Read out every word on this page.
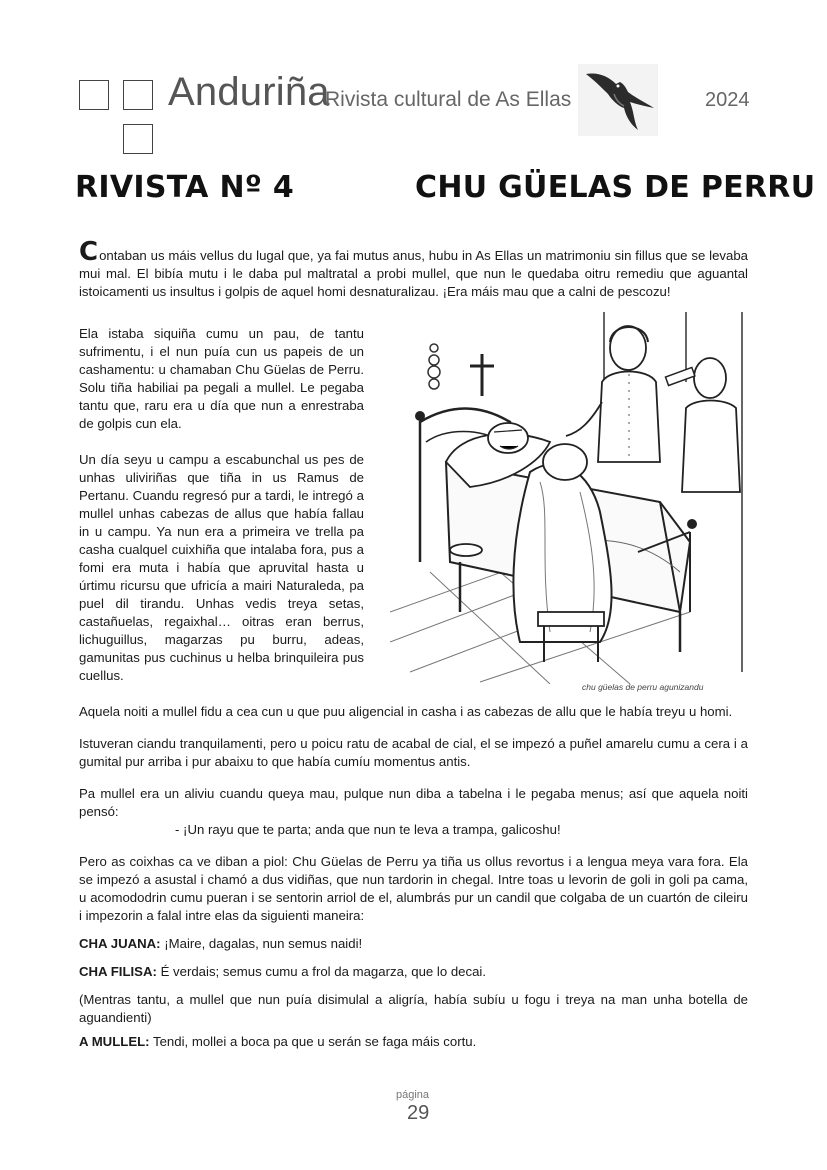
Anduriña
Rivista cultural de As Ellas	2024
RIVISTA Nº 4	CHU GÜELAS DE PERRU

Contaban us máis vellus du lugal que, ya fai mutus anus, hubu in As Ellas un matrimoniu sin fillus que se levaba mui mal. El bibía mutu i le daba pul maltratal a probi mullel, que nun le quedaba oitru remediu que aguantal istoicamenti us insultus i golpis de aquel homi desnaturalizau. ¡Era máis mau que a calni de pescozu!

Ela istaba siquiña cumu un pau, de tantu sufrimentu, i el nun puía cun us papeis de un cashamentu: u chamaban Chu Güelas de Perru. Solu tiña habiliai pa pegali a mullel. Le pegaba tantu que, raru era u día que nun a enrestraba de golpis cun ela.

Un día seyu u campu a escabunchal us pes de unhas uliviriñas que tiña in us Ramus de Pertanu. Cuandu regresó pur a tardi, le intregó a mullel unhas cabezas de allus que había fallau in u campu. Ya nun era a primeira ve trella pa casha cualquel cuixhiña que intalaba fora, pus a fomi era muta i había que apruvital hasta u úrtimu ricursu que ufricía a mairi Naturaleda, pa puel dil tirandu. Unhas vedis treya setas, castañuelas, regaixhal… oitras eran berrus, lichuguillus, magarzas pu burru, adeas, gamunitas pus cuchinus u helba brinquileira pus cuellus.

chu güelas de perru agunizandu

Aquela noiti a mullel fidu a cea cun u que puu aligencial in casha i as cabezas de allu que le había treyu u homi.

Istuveran ciandu tranquilamenti, pero u poicu ratu de acabal de cial, el se impezó a puñel amarelu cumu a cera i a gumital pur arriba i pur abaixu to que había cumíu momentus antis.

Pa mullel era un aliviu cuandu queya mau, pulque nun diba a tabelna i le pegaba menus; así que aquela noiti pensó:

- ¡Un rayu que te parta; anda que nun te leva a trampa, galicoshu!

Pero as coixhas ca ve diban a piol: Chu Güelas de Perru ya tiña us ollus revortus i a lengua meya vara fora. Ela se impezó a asustal i chamó a dus vidiñas, que nun tardorin in chegal. Intre toas u levorin de goli in goli pa cama, u acomododrin cumu pueran i se sentorin arriol de el, alumbrás pur un candil que colgaba de un cuartón de cileiru i impezorin a falal intre elas da siguienti maneira:

CHA JUANA: ¡Maire, dagalas, nun semus naidi!

CHA FILISA: É verdais; semus cumu a frol da magarza, que lo decai.

(Mentras tantu, a mullel que nun puía disimulal a aligría, había subíu u fogu i treya na man unha botella de aguandienti)

A MULLEL: Tendi, mollei a boca pa que u serán se faga máis cortu.

página
29
